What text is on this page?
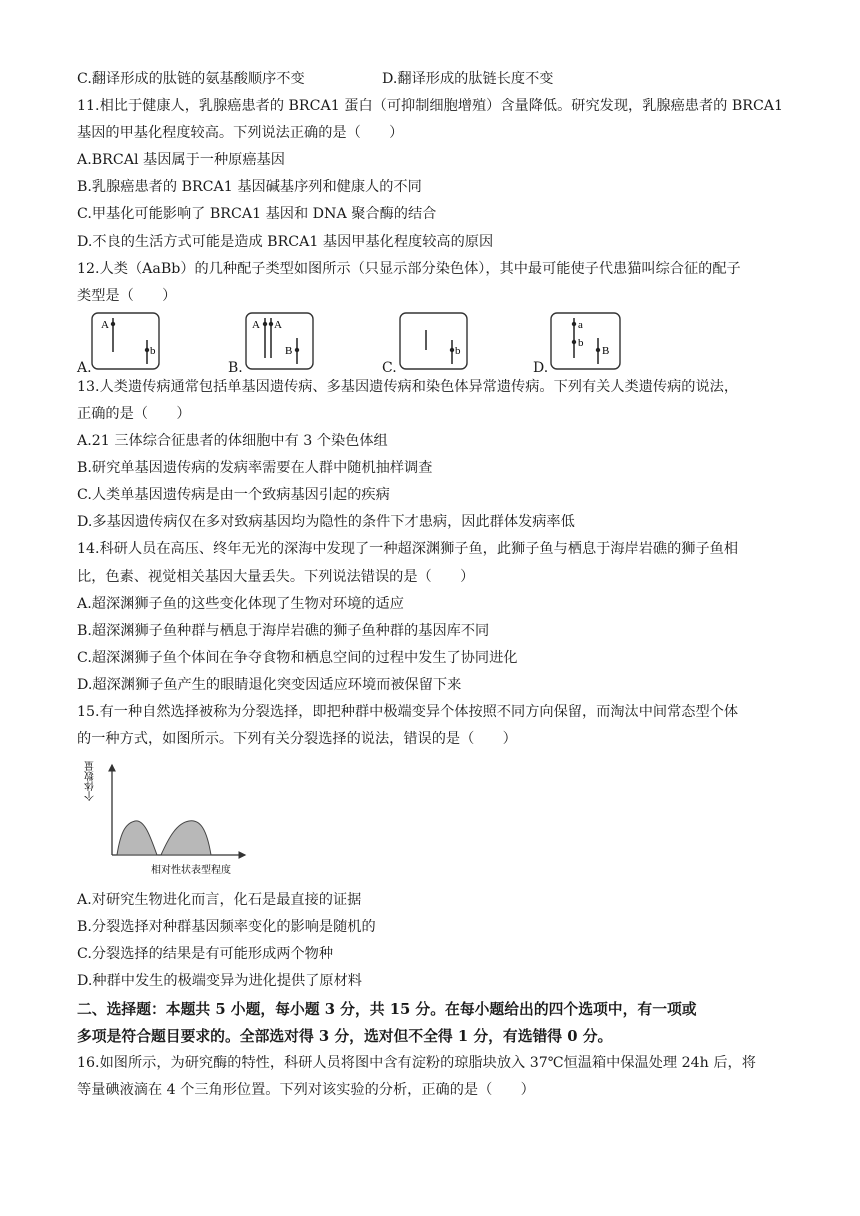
C.翻译形成的肽链的氨基酸顺序不变	D.翻译形成的肽链长度不变
11.相比于健康人，乳腺癌患者的 BRCA1 蛋白（可抑制细胞增殖）含量降低。研究发现，乳腺癌患者的 BRCA1
基因的甲基化程度较高。下列说法正确的是（　　）
A.BRCAl 基因属于一种原癌基因
B.乳腺癌患者的 BRCA1 基因碱基序列和健康人的不同
C.甲基化可能影响了 BRCA1 基因和 DNA 聚合酶的结合
D.不良的生活方式可能是造成 BRCA1 基因甲基化程度较高的原因
12.人类（AaBb）的几种配子类型如图所示（只显示部分染色体），其中最可能使子代患猫叫综合征的配子
类型是（　　）
A.
A
b
B.
A A
B
C.
b
D.
a
b
B
13.人类遗传病通常包括单基因遗传病、多基因遗传病和染色体异常遗传病。下列有关人类遗传病的说法，
正确的是（　　）
A.21 三体综合征患者的体细胞中有 3 个染色体组
B.研究单基因遗传病的发病率需要在人群中随机抽样调查
C.人类单基因遗传病是由一个致病基因引起的疾病
D.多基因遗传病仅在多对致病基因均为隐性的条件下才患病，因此群体发病率低
14.科研人员在高压、终年无光的深海中发现了一种超深渊狮子鱼，此狮子鱼与栖息于海岸岩礁的狮子鱼相
比，色素、视觉相关基因大量丢失。下列说法错误的是（　　）
A.超深渊狮子鱼的这些变化体现了生物对环境的适应
B.超深渊狮子鱼种群与栖息于海岸岩礁的狮子鱼种群的基因库不同
C.超深渊狮子鱼个体间在争夺食物和栖息空间的过程中发生了协同进化
D.超深渊狮子鱼产生的眼睛退化突变因适应环境而被保留下来
15.有一种自然选择被称为分裂选择，即把种群中极端变异个体按照不同方向保留，而淘汰中间常态型个体
的一种方式，如图所示。下列有关分裂选择的说法，错误的是（　　）
个体数量
相对性状表型程度
A.对研究生物进化而言，化石是最直接的证据
B.分裂选择对种群基因频率变化的影响是随机的
C.分裂选择的结果是有可能形成两个物种
D.种群中发生的极端变异为进化提供了原材料
二、选择题：本题共 5 小题，每小题 3 分，共 15 分。在每小题给出的四个选项中，有一项或
多项是符合题目要求的。全部选对得 3 分，选对但不全得 1 分，有选错得 0 分。
16.如图所示，为研究酶的特性，科研人员将图中含有淀粉的琼脂块放入 37℃恒温箱中保温处理 24h 后，将
等量碘液滴在 4 个三角形位置。下列对该实验的分析，正确的是（　　）
